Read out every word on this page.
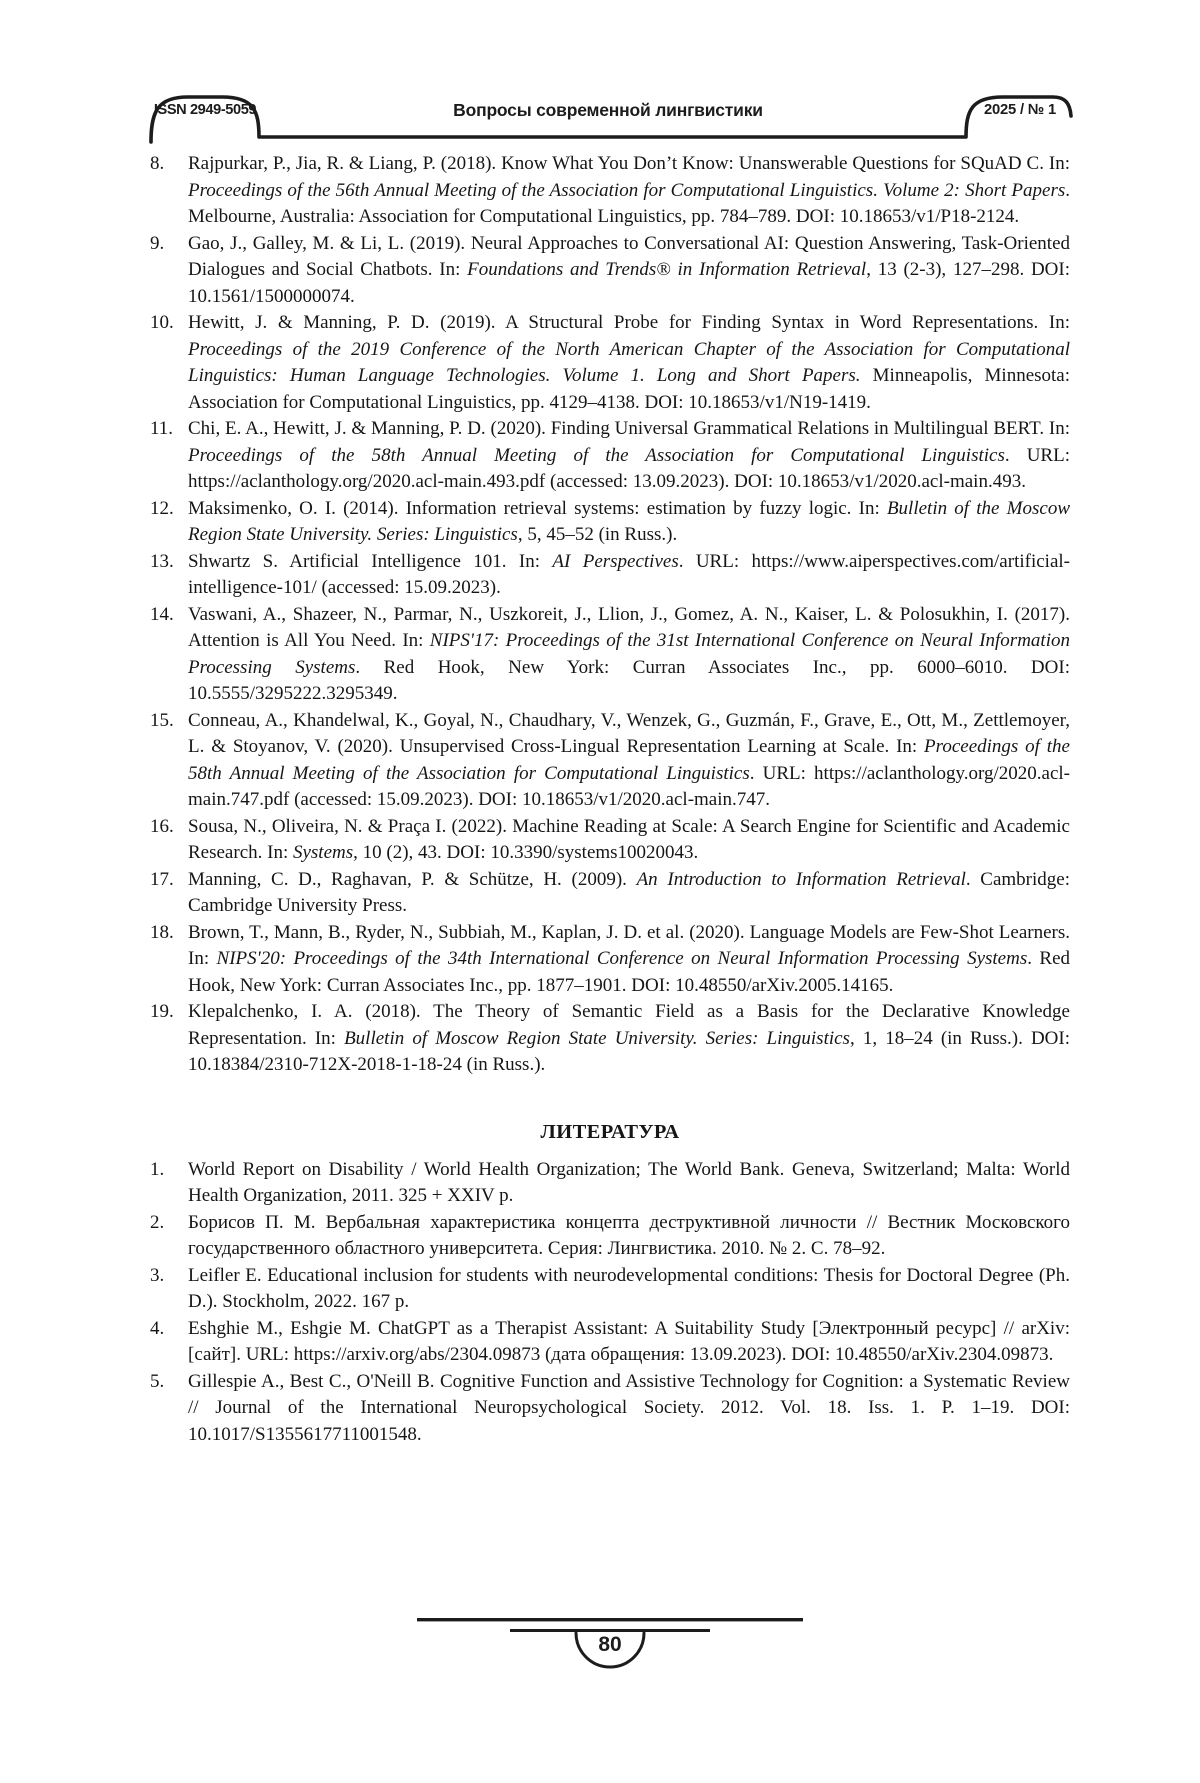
ISSN 2949-5059	Вопросы современной лингвистики	2025 / № 1
8.	Rajpurkar, P., Jia, R. & Liang, P. (2018). Know What You Don’t Know: Unanswerable Questions for SQuAD C. In: Proceedings of the 56th Annual Meeting of the Association for Computational Linguistics. Volume 2: Short Papers. Melbourne, Australia: Association for Computational Linguistics, pp. 784–789. DOI: 10.18653/v1/P18-2124.
9.	Gao, J., Galley, M. & Li, L. (2019). Neural Approaches to Conversational AI: Question Answering, Task-Oriented Dialogues and Social Chatbots. In: Foundations and Trends® in Information Retrieval, 13 (2-3), 127–298. DOI: 10.1561/1500000074.
10. Hewitt, J. & Manning, P. D. (2019). A Structural Probe for Finding Syntax in Word Representations. In: Proceedings of the 2019 Conference of the North American Chapter of the Association for Computational Linguistics: Human Language Technologies. Volume 1. Long and Short Papers. Minneapolis, Minnesota: Association for Computational Linguistics, pp. 4129–4138. DOI: 10.18653/v1/N19-1419.
11. Chi, E. A., Hewitt, J. & Manning, P. D. (2020). Finding Universal Grammatical Relations in Multilingual BERT. In: Proceedings of the 58th Annual Meeting of the Association for Computational Linguistics. URL: https://aclanthology.org/2020.acl-main.493.pdf (accessed: 13.09.2023). DOI: 10.18653/v1/2020.acl-main.493.
12. Maksimenko, O. I. (2014). Information retrieval systems: estimation by fuzzy logic. In: Bulletin of the Moscow Region State University. Series: Linguistics, 5, 45–52 (in Russ.).
13. Shwartz S. Artificial Intelligence 101. In: AI Perspectives. URL: https://www.aiperspectives.com/artificial-intelligence-101/ (accessed: 15.09.2023).
14. Vaswani, A., Shazeer, N., Parmar, N., Uszkoreit, J., Llion, J., Gomez, A. N., Kaiser, L. & Polosukhin, I. (2017). Attention is All You Need. In: NIPS'17: Proceedings of the 31st International Conference on Neural Information Processing Systems. Red Hook, New York: Curran Associates Inc., pp. 6000–6010. DOI: 10.5555/3295222.3295349.
15. Conneau, A., Khandelwal, K., Goyal, N., Chaudhary, V., Wenzek, G., Guzmán, F., Grave, E., Ott, M., Zettlemoyer, L. & Stoyanov, V. (2020). Unsupervised Cross-Lingual Representation Learning at Scale. In: Proceedings of the 58th Annual Meeting of the Association for Computational Linguistics. URL: https://aclanthology.org/2020.acl-main.747.pdf (accessed: 15.09.2023). DOI: 10.18653/v1/2020.acl-main.747.
16. Sousa, N., Oliveira, N. & Praça I. (2022). Machine Reading at Scale: A Search Engine for Scientific and Academic Research. In: Systems, 10 (2), 43. DOI: 10.3390/systems10020043.
17. Manning, C. D., Raghavan, P. & Schütze, H. (2009). An Introduction to Information Retrieval. Cambridge: Cambridge University Press.
18. Brown, T., Mann, B., Ryder, N., Subbiah, M., Kaplan, J. D. et al. (2020). Language Models are Few-Shot Learners. In: NIPS'20: Proceedings of the 34th International Conference on Neural Information Processing Systems. Red Hook, New York: Curran Associates Inc., pp. 1877–1901. DOI: 10.48550/arXiv.2005.14165.
19. Klepalchenko, I. A. (2018). The Theory of Semantic Field as a Basis for the Declarative Knowledge Representation. In: Bulletin of Moscow Region State University. Series: Linguistics, 1, 18–24 (in Russ.). DOI: 10.18384/2310-712X-2018-1-18-24 (in Russ.).
ЛИТЕРАТУРА
1.	World Report on Disability / World Health Organization; The World Bank. Geneva, Switzerland; Malta: World Health Organization, 2011. 325 + XXIV p.
2.	Борисов П. М. Вербальная характеристика концепта деструктивной личности // Вестник Московского государственного областного университета. Серия: Лингвистика. 2010. № 2. С. 78–92.
3.	Leifler E. Educational inclusion for students with neurodevelopmental conditions: Thesis for Doctoral Degree (Ph. D.). Stockholm, 2022. 167 p.
4.	Eshghie M., Eshgie M. ChatGPT as a Therapist Assistant: A Suitability Study [Электронный ресурс] // arXiv: [сайт]. URL: https://arxiv.org/abs/2304.09873 (дата обращения: 13.09.2023). DOI: 10.48550/arXiv.2304.09873.
5.	Gillespie A., Best C., O'Neill B. Cognitive Function and Assistive Technology for Cognition: a Systematic Review // Journal of the International Neuropsychological Society. 2012. Vol. 18. Iss. 1. P. 1–19. DOI: 10.1017/S1355617711001548.
80
